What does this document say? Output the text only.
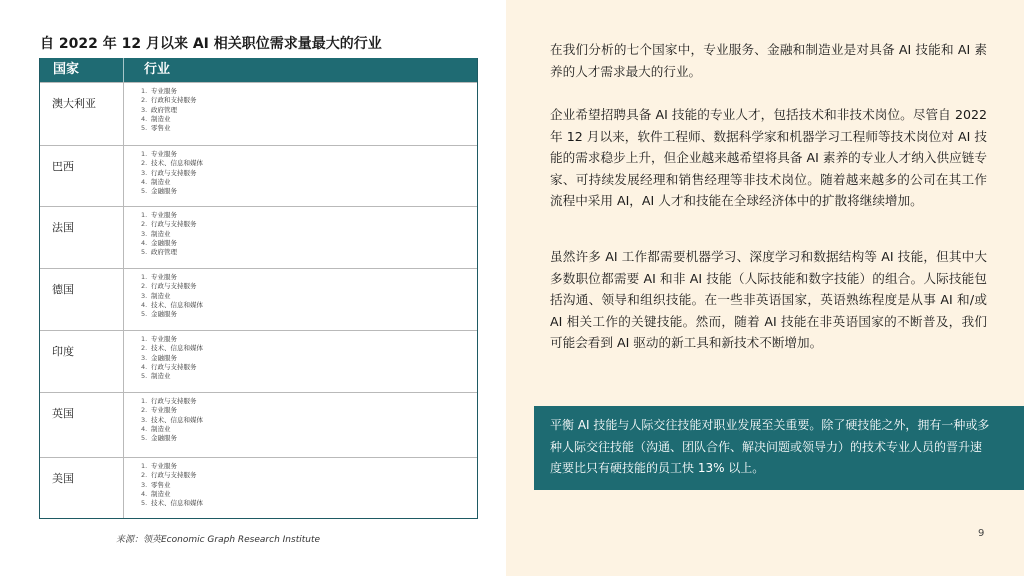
自 2022 年 12 月以来 AI 相关职位需求量最大的行业
国家	行业
澳大利亚
1. 专业服务
2. 行政和支持服务
3. 政府管理
4. 制造业
5. 零售业
巴西
1. 专业服务
2. 技术、信息和媒体
3. 行政与支持服务
4. 制造业
5. 金融服务
法国
1. 专业服务
2. 行政与支持服务
3. 制造业
4. 金融服务
5. 政府管理
德国
1. 专业服务
2. 行政与支持服务
3. 制造业
4. 技术、信息和媒体
5. 金融服务
印度
1. 专业服务
2. 技术、信息和媒体
3. 金融服务
4. 行政与支持服务
5. 制造业
英国
1. 行政与支持服务
2. 专业服务
3. 技术、信息和媒体
4. 制造业
5. 金融服务
美国
1. 专业服务
2. 行政与支持服务
3. 零售业
4. 制造业
5. 技术、信息和媒体
来源：领英Economic Graph Research Institute

在我们分析的七个国家中，专业服务、金融和制造业是对具备 AI 技能和 AI 素养的人才需求最大的行业。

企业希望招聘具备 AI 技能的专业人才，包括技术和非技术岗位。尽管自 2022 年 12 月以来，软件工程师、数据科学家和机器学习工程师等技术岗位对 AI 技能的需求稳步上升，但企业越来越希望将具备 AI 素养的专业人才纳入供应链专家、可持续发展经理和销售经理等非技术岗位。随着越来越多的公司在其工作流程中采用 AI，AI 人才和技能在全球经济体中的扩散将继续增加。

虽然许多 AI 工作都需要机器学习、深度学习和数据结构等 AI 技能，但其中大多数职位都需要 AI 和非 AI 技能（人际技能和数字技能）的组合。人际技能包括沟通、领导和组织技能。在一些非英语国家，英语熟练程度是从事 AI 和/或 AI 相关工作的关键技能。然而，随着 AI 技能在非英语国家的不断普及，我们可能会看到 AI 驱动的新工具和新技术不断增加。

平衡 AI 技能与人际交往技能对职业发展至关重要。除了硬技能之外，拥有一种或多种人际交往技能（沟通、团队合作、解决问题或领导力）的技术专业人员的晋升速度要比只有硬技能的员工快 13% 以上。

9
